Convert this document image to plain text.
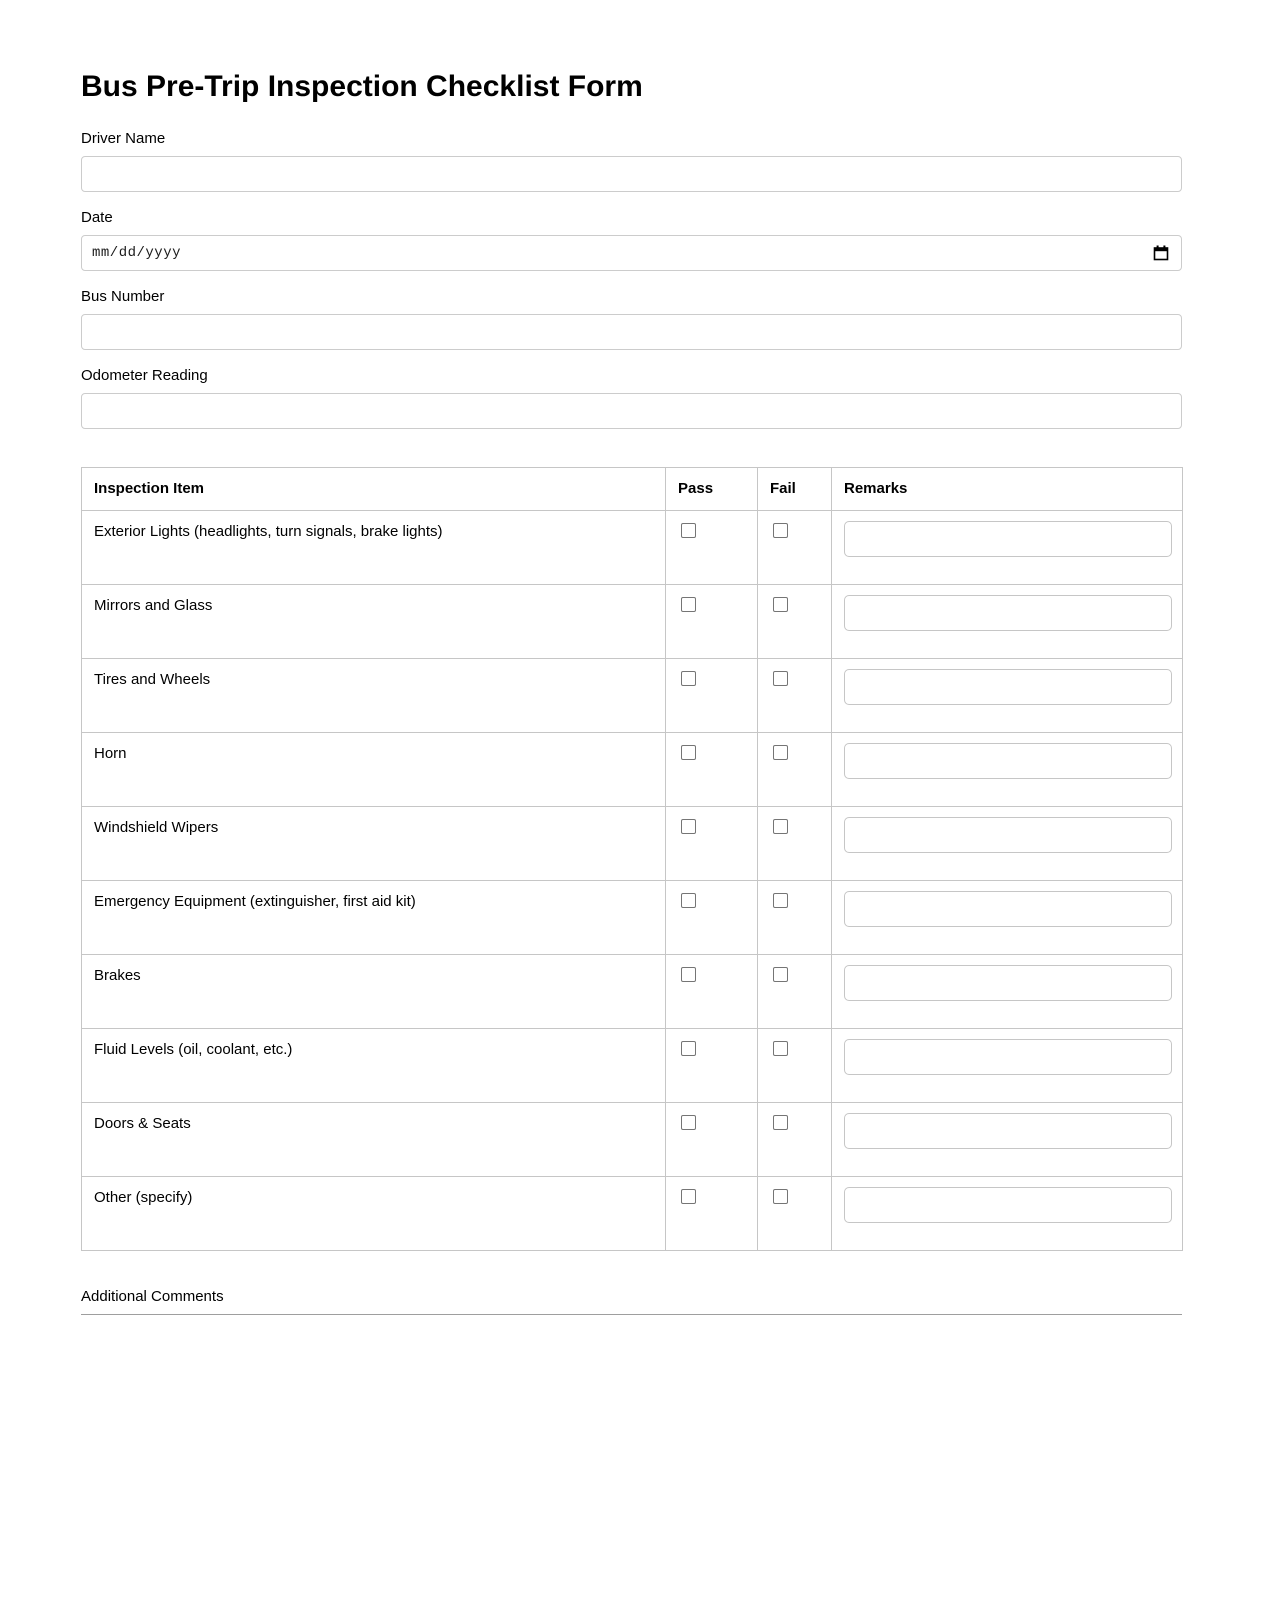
Bus Pre-Trip Inspection Checklist Form
Driver Name
Date
mm/dd/yyyy
Bus Number
Odometer Reading
Inspection Item	Pass	Fail	Remarks
Exterior Lights (headlights, turn signals, brake lights)			

Mirrors and Glass			

Tires and Wheels			

Horn			

Windshield Wipers			

Emergency Equipment (extinguisher, first aid kit)			

Brakes			

Fluid Levels (oil, coolant, etc.)			

Doors & Seats			

Other (specify)			
Additional Comments
